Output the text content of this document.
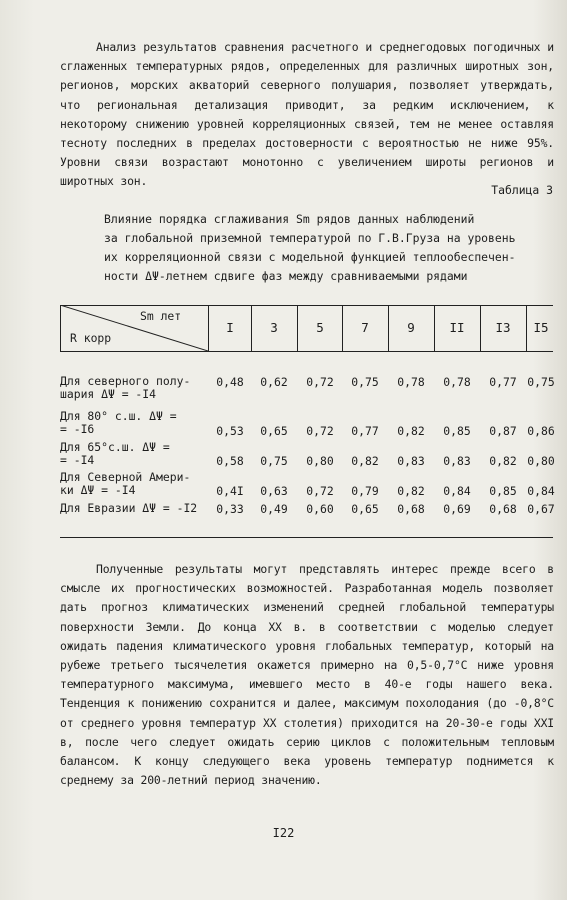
Анализ результатов сравнения расчетного и среднегодовых погодичных и сглаженных температурных рядов, определенных для различных широтных зон, регионов, морских акваторий северного полушария, позволяет утверждать, что региональная детализация приводит, за редким исключением, к некоторому снижению уровней корреляционных связей, тем не менее оставляя тесноту последних в пределах достоверности с вероятностью не ниже 95%. Уровни связи возрастают монотонно с увеличением широты регионов и широтных зон.
Таблица 3
Влияние порядка сглаживания Sm рядов данных наблюдений
за глобальной приземной температурой по Г.В.Груза на уровень
их корреляционной связи с модельной функцией теплообеспечен-
ности ΔΨ-летнем сдвиге фаз между сравниваемыми рядами
Sm лет
R корр
I	3	5	7	9	II	I3	I5
Для северного полу-
шария ΔΨ = -I4
0,48	0,62	0,72	0,75	0,78	0,78	0,77 0,75
Для 80° с.ш. ΔΨ =
= -I6	0,53	0,65	0,72	0,77	0,82	0,85	0,87 0,86
Для 65°с.ш. ΔΨ =
= -I4	0,58	0,75	0,80	0,82	0,83	0,83	0,82 0,80
Для Северной Амери-
ки ΔΨ = -I4	0,4I	0,63	0,72	0,79	0,82	0,84	0,85 0,84
Для Евразии ΔΨ = -I2	0,33	0,49	0,60	0,65	0,68	0,69	0,68 0,67
Полученные результаты могут представлять интерес прежде всего в смысле их прогностических возможностей. Разработанная модель позволяет дать прогноз климатических изменений средней глобальной температуры поверхности Земли. До конца XX в. в соответствии с моделью следует ожидать падения климатического уровня глобальных температур, который на рубеже третьего тысячелетия окажется примерно на 0,5-0,7°С ниже уровня температурного максимума, имевшего место в 40-е годы нашего века. Тенденция к понижению сохранится и далее, максимум похолодания (до -0,8°С от среднего уровня температур XX столетия) приходится на 20-30-е годы XXI в, после чего следует ожидать серию циклов с положительным тепловым балансом. К концу следующего века уровень температур поднимется к среднему за 200-летний период значению.
I22
